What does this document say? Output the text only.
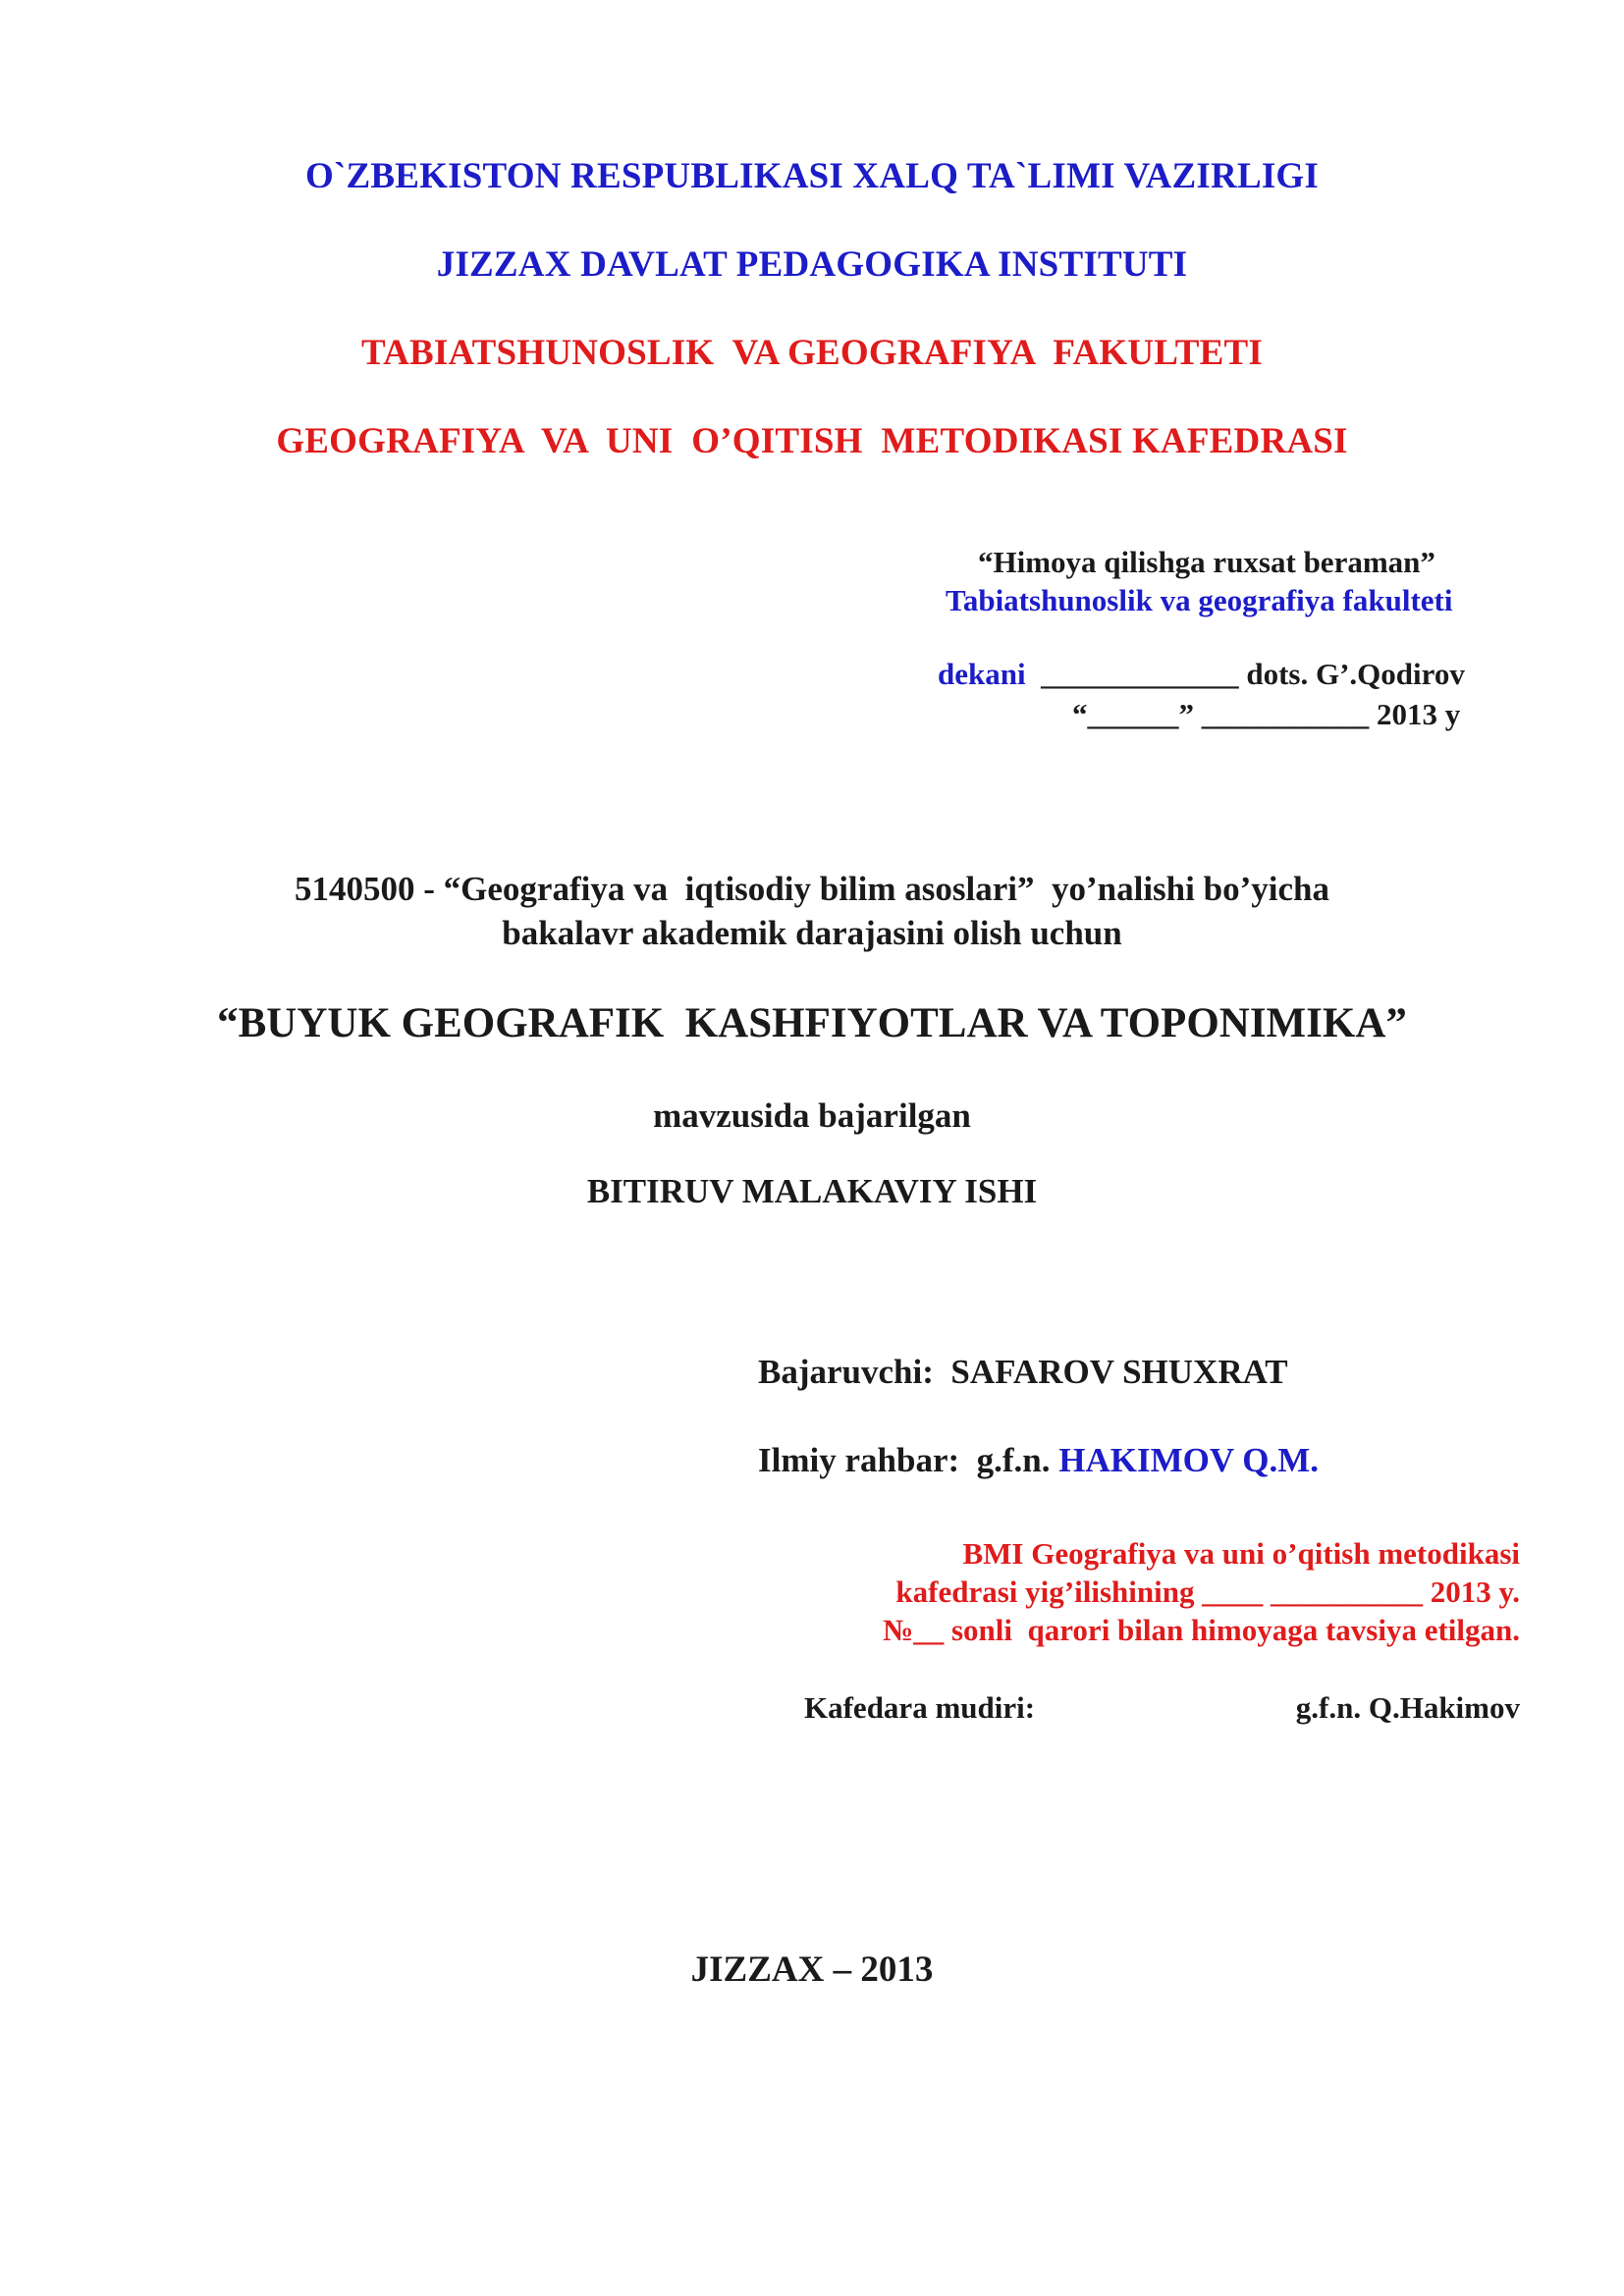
O`ZBEKISTON RESPUBLIKASI XALQ TA`LIMI VAZIRLIGI
JIZZAX DAVLAT PEDAGOGIKA INSTITUTI
TABIATSHUNOSLIK  VA GEOGRAFIYA  FAKULTETI
GEOGRAFIYA  VA  UNI  O’QITISH  METODIKASI KAFEDRASI
“Himoya qilishga ruxsat beraman”
Tabiatshunoslik va geografiya fakulteti

dekani  _____________ dots. G’.Qodirov

“______” ___________ 2013 y
5140500 - “Geografiya va  iqtisodiy bilim asoslari”  yo’nalishi bo’yicha
bakalavr akademik darajasini olish uchun
“BUYUK GEOGRAFIK  KASHFIYOTLAR VA TOPONIMIKA”
mavzusida bajarilgan
BITIRUV MALAKAVIY ISHI

Bajaruvchi:  SAFAROV SHUXRAT

Ilmiy rahbar:  g.f.n. HAKIMOV Q.M.

BMI Geografiya va uni o’qitish metodikasi
kafedrasi yig’ilishining ____ __________ 2013 y.
№__ sonli  qarori bilan himoyaga tavsiya etilgan.
Kafedara mudiri:	g.f.n. Q.Hakimov
JIZZAX – 2013
